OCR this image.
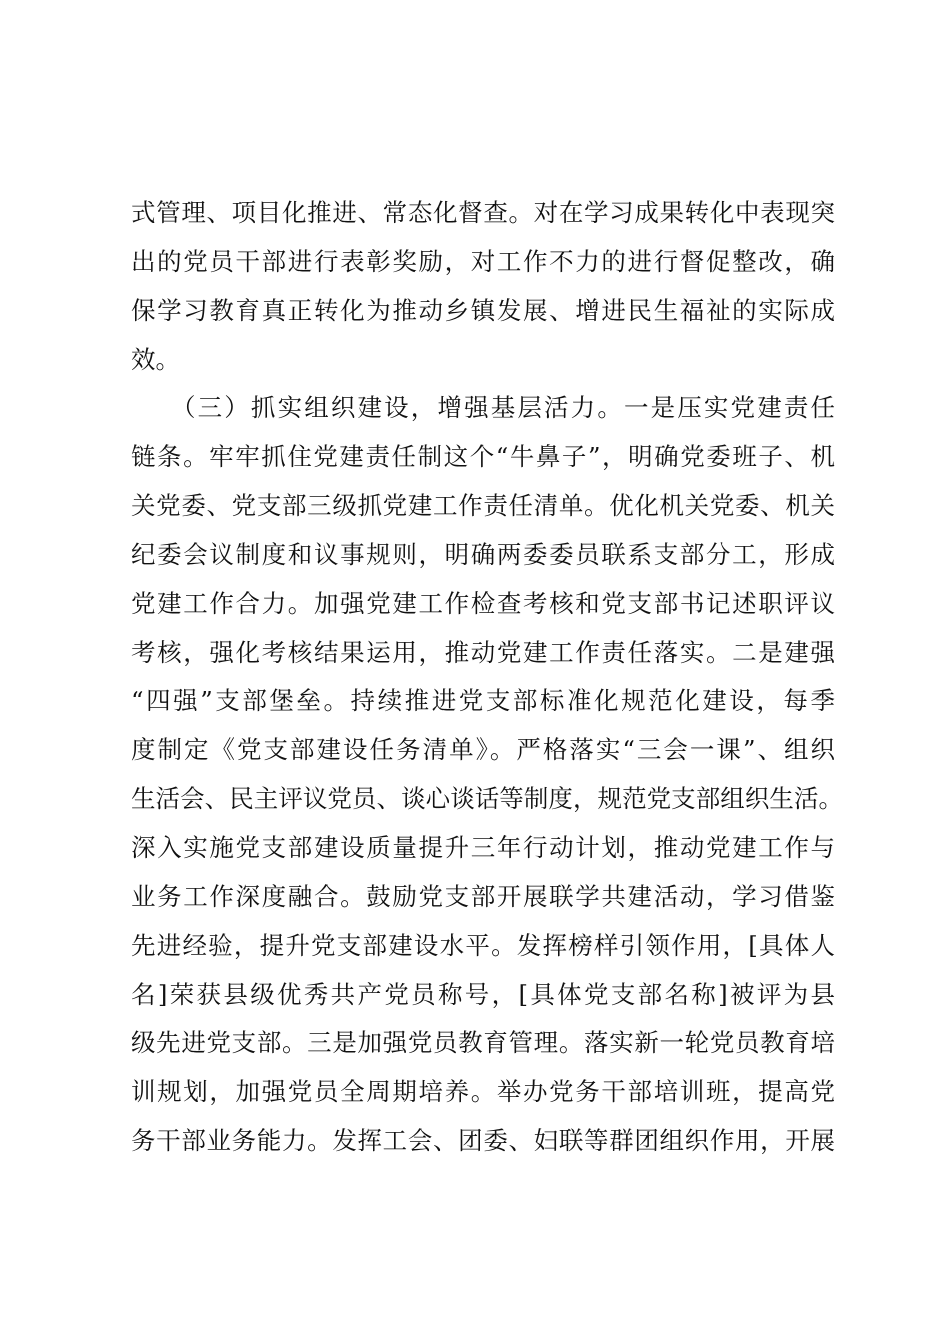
式管理、项目化推进、常态化督查。对在学习成果转化中表现突
出的党员干部进行表彰奖励，对工作不力的进行督促整改，确
保学习教育真正转化为推动乡镇发展、增进民生福祉的实际成
效。
（三）抓实组织建设，增强基层活力。一是压实党建责任
链条。牢牢抓住党建责任制这个“牛鼻子”，明确党委班子、机
关党委、党支部三级抓党建工作责任清单。优化机关党委、机关
纪委会议制度和议事规则，明确两委委员联系支部分工，形成
党建工作合力。加强党建工作检查考核和党支部书记述职评议
考核，强化考核结果运用，推动党建工作责任落实。二是建强
“四强”支部堡垒。持续推进党支部标准化规范化建设，每季
度制定《党支部建设任务清单》。严格落实“三会一课”、组织
生活会、民主评议党员、谈心谈话等制度，规范党支部组织生活。
深入实施党支部建设质量提升三年行动计划，推动党建工作与
业务工作深度融合。鼓励党支部开展联学共建活动，学习借鉴
先进经验，提升党支部建设水平。发挥榜样引领作用，[具体人
名]荣获县级优秀共产党员称号，[具体党支部名称]被评为县
级先进党支部。三是加强党员教育管理。落实新一轮党员教育培
训规划，加强党员全周期培养。举办党务干部培训班，提高党
务干部业务能力。发挥工会、团委、妇联等群团组织作用，开展
